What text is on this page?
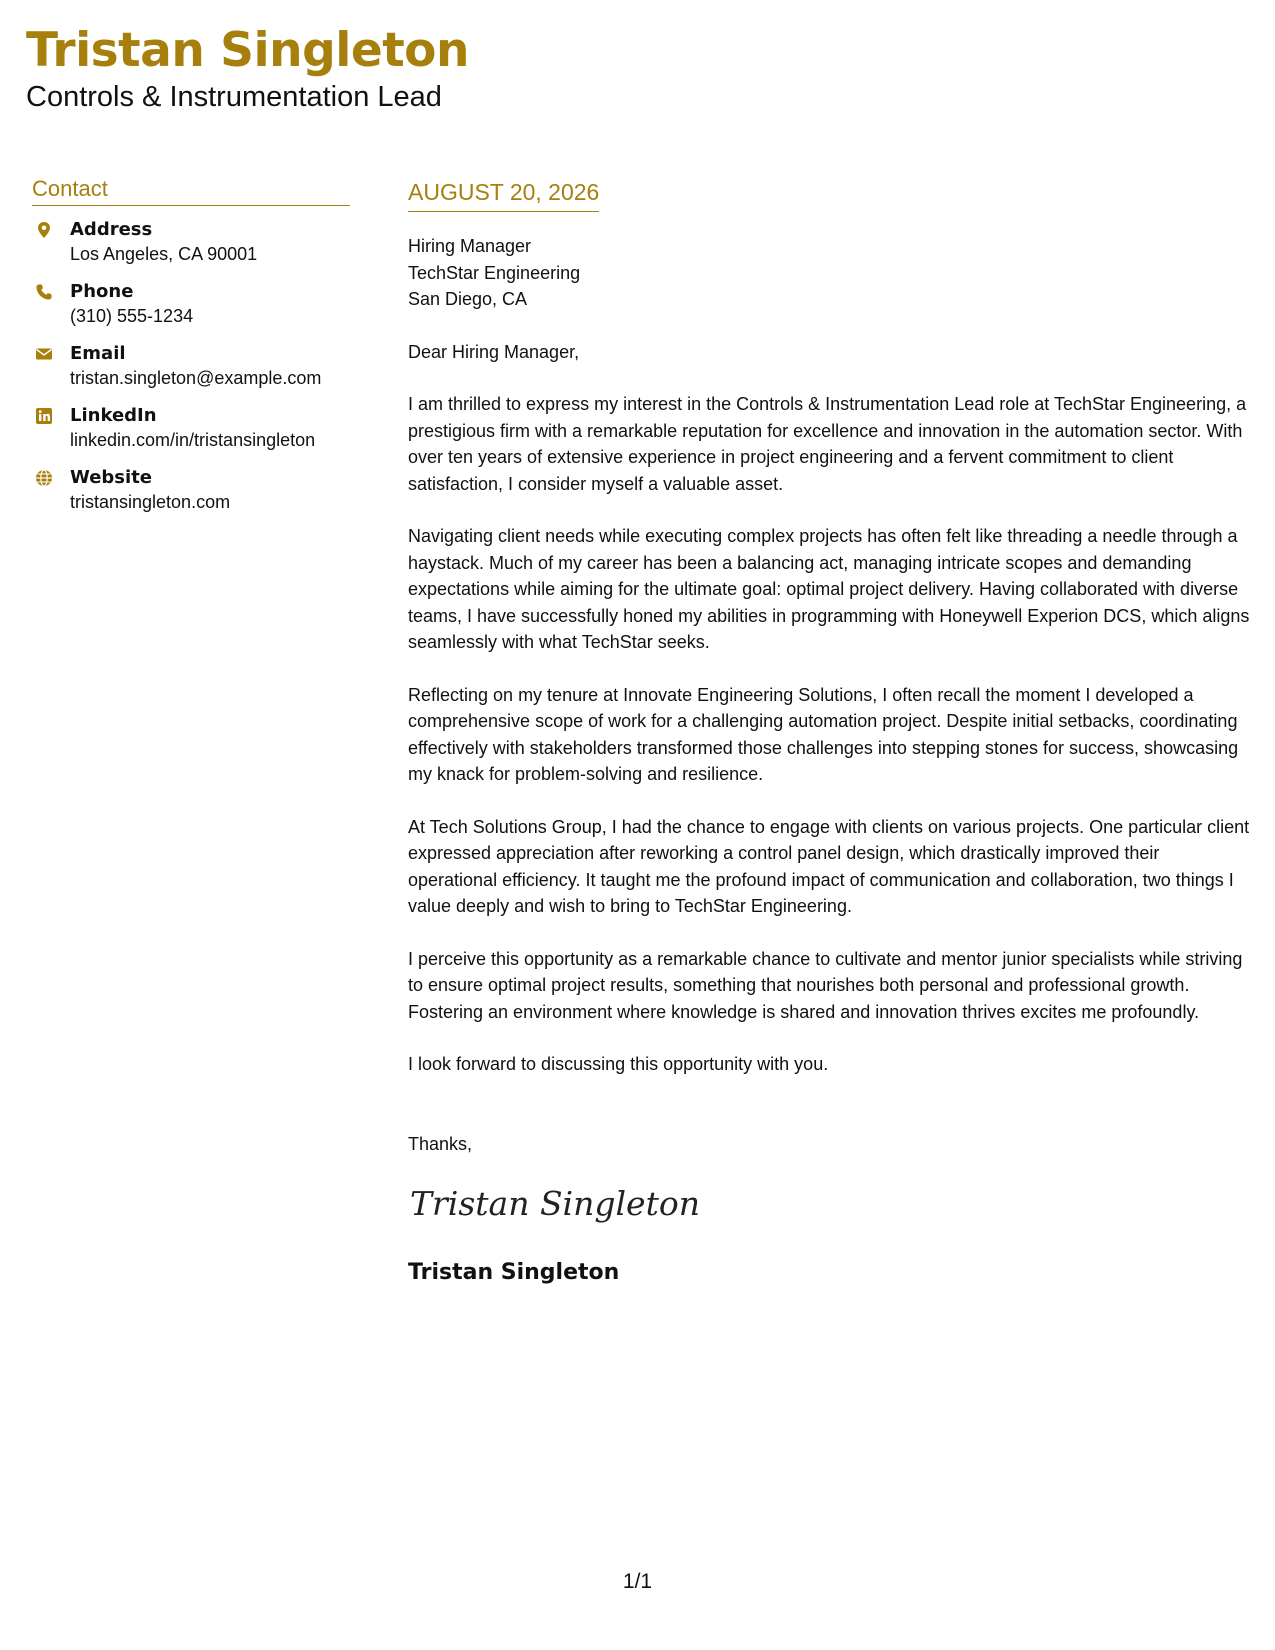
Tristan Singleton
Controls & Instrumentation Lead
Contact
Address
Los Angeles, CA 90001
Phone
(310) 555-1234
Email
tristan.singleton@example.com
LinkedIn
linkedin.com/in/tristansingleton
Website
tristansingleton.com
AUGUST 20, 2026
Hiring Manager
TechStar Engineering
San Diego, CA
Dear Hiring Manager,
I am thrilled to express my interest in the Controls & Instrumentation Lead role at TechStar Engineering, a prestigious firm with a remarkable reputation for excellence and innovation in the automation sector. With over ten years of extensive experience in project engineering and a fervent commitment to client satisfaction, I consider myself a valuable asset.
Navigating client needs while executing complex projects has often felt like threading a needle through a haystack. Much of my career has been a balancing act, managing intricate scopes and demanding expectations while aiming for the ultimate goal: optimal project delivery. Having collaborated with diverse teams, I have successfully honed my abilities in programming with Honeywell Experion DCS, which aligns seamlessly with what TechStar seeks.
Reflecting on my tenure at Innovate Engineering Solutions, I often recall the moment I developed a comprehensive scope of work for a challenging automation project. Despite initial setbacks, coordinating effectively with stakeholders transformed those challenges into stepping stones for success, showcasing my knack for problem-solving and resilience.
At Tech Solutions Group, I had the chance to engage with clients on various projects. One particular client expressed appreciation after reworking a control panel design, which drastically improved their operational efficiency. It taught me the profound impact of communication and collaboration, two things I value deeply and wish to bring to TechStar Engineering.
I perceive this opportunity as a remarkable chance to cultivate and mentor junior specialists while striving to ensure optimal project results, something that nourishes both personal and professional growth. Fostering an environment where knowledge is shared and innovation thrives excites me profoundly.
I look forward to discussing this opportunity with you.
Thanks,
Tristan Singleton
Tristan Singleton
1/1
